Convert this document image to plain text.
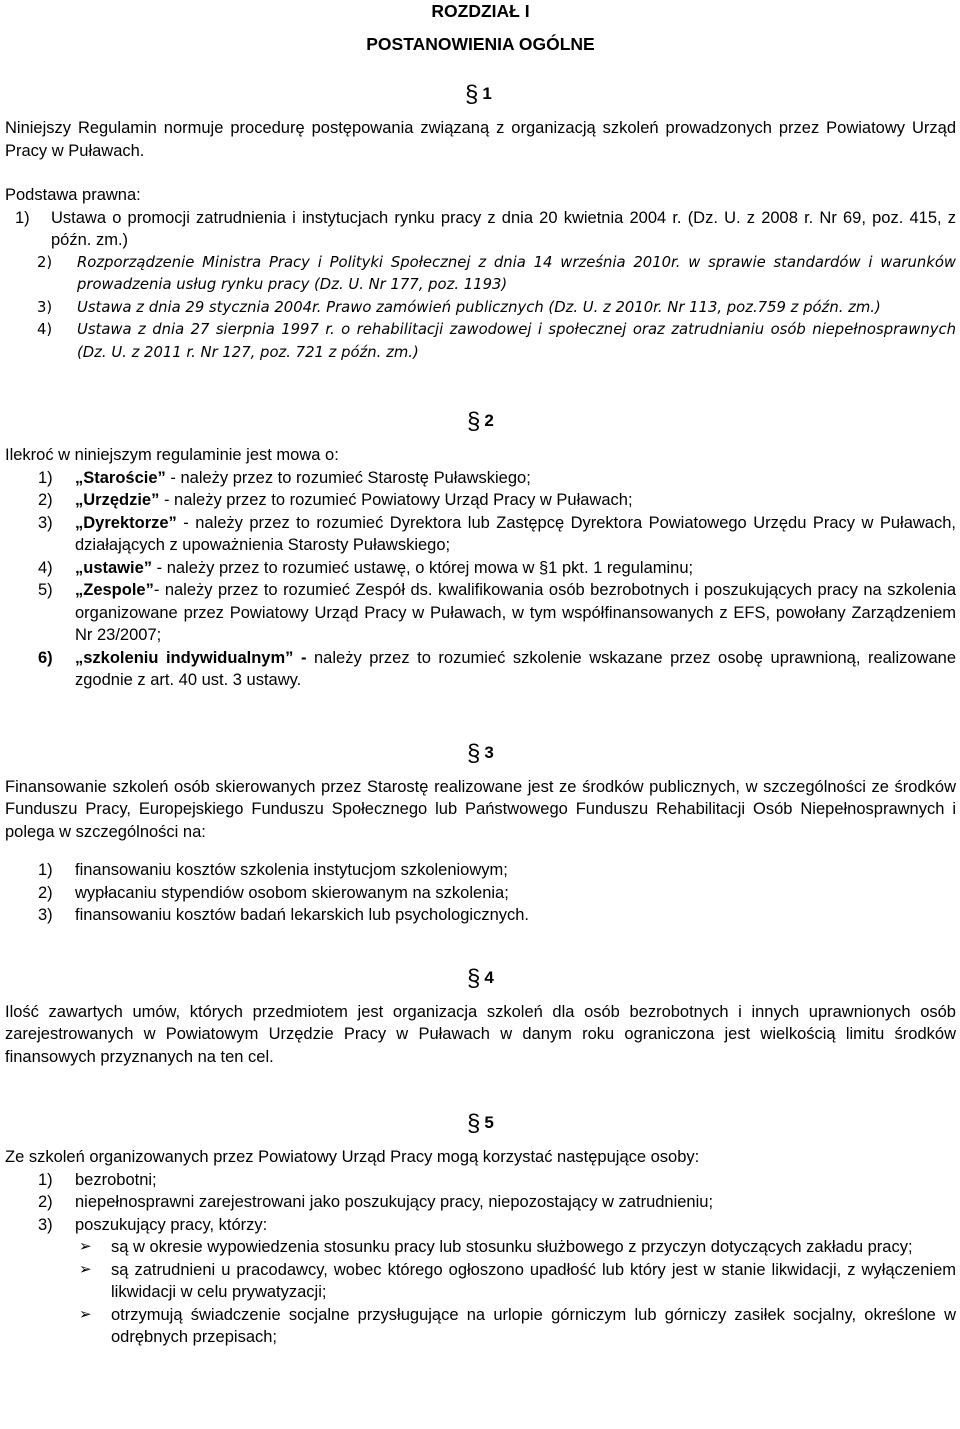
ROZDZIAŁ I
POSTANOWIENIA OGÓLNE
§ 1

Niniejszy Regulamin normuje procedurę postępowania związaną z organizacją szkoleń prowadzonych przez Powiatowy Urząd Pracy w Puławach.

Podstawa prawna:

1) Ustawa o promocji zatrudnienia i instytucjach rynku pracy z dnia 20 kwietnia 2004 r. (Dz. U. z 2008 r. Nr 69, poz. 415, z późn. zm.)
2) Rozporządzenie Ministra Pracy i Polityki Społecznej z dnia 14 września 2010r. w sprawie standardów i warunków prowadzenia usług rynku pracy (Dz. U. Nr 177, poz. 1193)
3) Ustawa z dnia 29 stycznia 2004r. Prawo zamówień publicznych (Dz. U. z 2010r. Nr 113, poz.759 z późn. zm.)
4) Ustawa z dnia 27 sierpnia 1997 r. o rehabilitacji zawodowej i społecznej oraz zatrudnianiu osób niepełnosprawnych (Dz. U. z 2011 r. Nr 127, poz. 721 z późn. zm.)
§ 2

Ilekroć w niniejszym regulaminie jest mowa o:

1) „Staroście” - należy przez to rozumieć Starostę Puławskiego;
2) „Urzędzie” - należy przez to rozumieć Powiatowy Urząd Pracy w Puławach;
3) „Dyrektorze” - należy przez to rozumieć Dyrektora lub Zastępcę Dyrektora Powiatowego Urzędu Pracy w Puławach, działających z upoważnienia Starosty Puławskiego;
4) „ustawie” - należy przez to rozumieć ustawę, o której mowa w §1 pkt. 1 regulaminu;
5) „Zespole”- należy przez to rozumieć Zespół ds. kwalifikowania osób bezrobotnych i poszukujących pracy na szkolenia organizowane przez Powiatowy Urząd Pracy w Puławach, w tym współfinansowanych z EFS, powołany Zarządzeniem Nr 23/2007;
6) „szkoleniu indywidualnym” - należy przez to rozumieć szkolenie wskazane przez osobę uprawnioną, realizowane zgodnie z art. 40 ust. 3 ustawy.
§ 3

Finansowanie szkoleń osób skierowanych przez Starostę realizowane jest ze środków publicznych, w szczególności ze środków Funduszu Pracy, Europejskiego Funduszu Społecznego lub Państwowego Funduszu Rehabilitacji Osób Niepełnosprawnych i polega w szczególności na:

1) finansowaniu kosztów szkolenia instytucjom szkoleniowym;
2) wypłacaniu stypendiów osobom skierowanym na szkolenia;
3) finansowaniu kosztów badań lekarskich lub psychologicznych.
§ 4

Ilość zawartych umów, których przedmiotem jest organizacja szkoleń dla osób bezrobotnych i innych uprawnionych osób zarejestrowanych w Powiatowym Urzędzie Pracy w Puławach w danym roku ograniczona jest wielkością limitu środków finansowych przyznanych na ten cel.

§ 5

Ze szkoleń organizowanych przez Powiatowy Urząd Pracy mogą korzystać następujące osoby:

1) bezrobotni;
2) niepełnosprawni zarejestrowani jako poszukujący pracy, niepozostający w zatrudnieniu;
3) poszukujący pracy, którzy:
➢ są w okresie wypowiedzenia stosunku pracy lub stosunku służbowego z przyczyn dotyczących zakładu pracy;
➢ są zatrudnieni u pracodawcy, wobec którego ogłoszono upadłość lub który jest w stanie likwidacji, z wyłączeniem likwidacji w celu prywatyzacji;
➢ otrzymują świadczenie socjalne przysługujące na urlopie górniczym lub górniczy zasiłek socjalny, określone w odrębnych przepisach;
